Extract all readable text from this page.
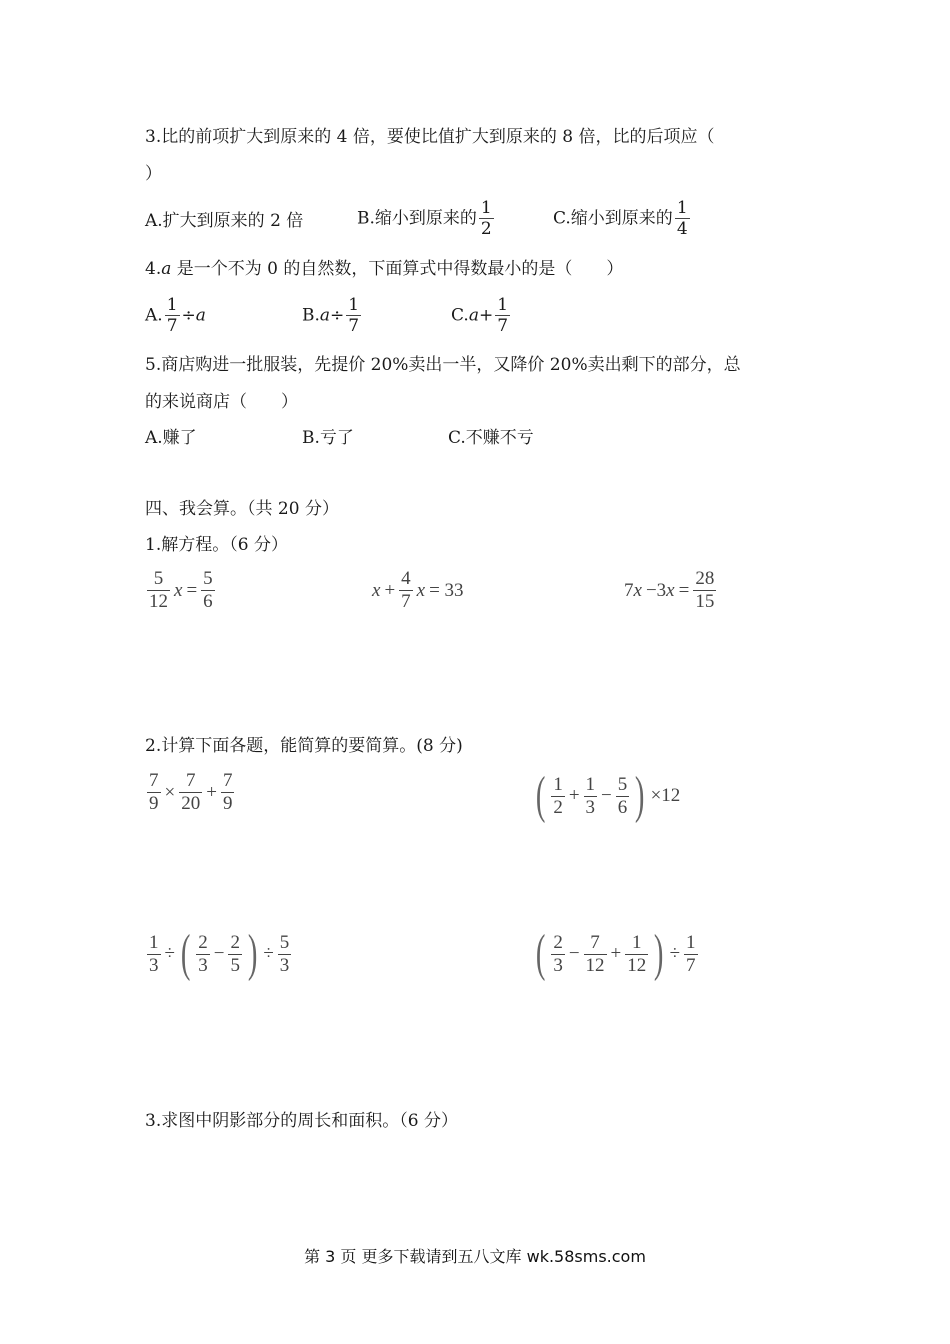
3.比的前项扩大到原来的 4 倍，要使比值扩大到原来的 8 倍，比的后项应（
）
A.扩大到原来的 2 倍	B.缩小到原来的 $\frac{1}{2}$	C.缩小到原来的 $\frac{1}{4}$
4.a 是一个不为 0 的自然数，下面算式中得数最小的是（　　）
A. $\frac{1}{7} \div a$	$B.a\div \frac{1}{7}$	$C.a+ \frac{1}{7}$
5.商店购进一批服装，先提价 20%卖出一半，又降价 20%卖出剩下的部分，总
的来说商店（　　）
A.赚了	B.亏了	C.不赚不亏
四、我会算。（共 20 分）
1.解方程。（6 分）
$\frac{5}{12}$ $x = \frac{5}{6}$	$x + \frac{4}{7}$ x = 33	$7x -3x = \frac{28}{15}$
2.计算下面各题，能简算的要简算。(8 分)
$\frac{7}{9} \times \frac{7}{20} + \frac{7}{9}$	( $\frac{1}{2} + \frac{1}{3} - \frac{5}{6}$ ) ×12
$\frac{1}{3}$ ÷ ( $\frac{2}{3} - \frac{2}{5}$ ) ÷ $\frac{5}{3}$	( $\frac{2}{3} - \frac{7}{12} + \frac{1}{12}$ ) ÷ $\frac{1}{7}$
3.求图中阴影部分的周长和面积。（6 分）
第 3 页 更多下载请到五八文库 wk.58sms.com
